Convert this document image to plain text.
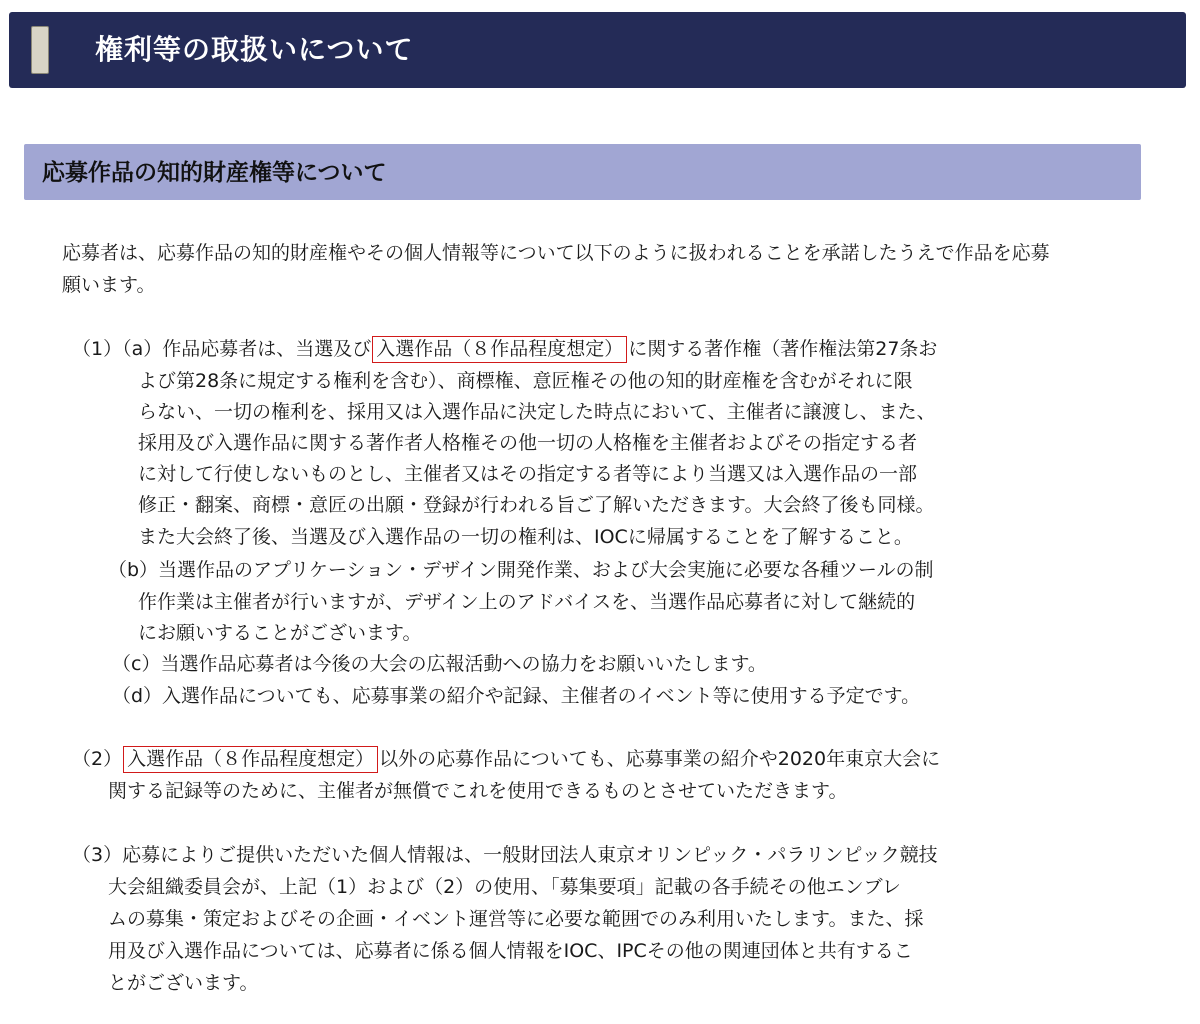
権利等の取扱いについて
応募作品の知的財産権等について
応募者は、応募作品の知的財産権やその個人情報等について以下のように扱われることを承諾したうえで作品を応募
願います。
（1）（a）作品応募者は、当選及び 入選作品（８作品程度想定） に関する著作権（著作権法第27条お
よび第28条に規定する権利を含む）、商標権、意匠権その他の知的財産権を含むがそれに限
らない、一切の権利を、採用又は入選作品に決定した時点において、主催者に譲渡し、また、
採用及び入選作品に関する著作者人格権その他一切の人格権を主催者およびその指定する者
に対して行使しないものとし、主催者又はその指定する者等により当選又は入選作品の一部
修正・翻案、商標・意匠の出願・登録が行われる旨ご了解いただきます。大会終了後も同様。
また大会終了後、当選及び入選作品の一切の権利は、IOCに帰属することを了解すること。
（b）当選作品のアプリケーション・デザイン開発作業、および大会実施に必要な各種ツールの制
作作業は主催者が行いますが、デザイン上のアドバイスを、当選作品応募者に対して継続的
にお願いすることがございます。
（c）当選作品応募者は今後の大会の広報活動への協力をお願いいたします。
（d）入選作品についても、応募事業の紹介や記録、主催者のイベント等に使用する予定です。
（2） 入選作品（８作品程度想定） 以外の応募作品についても、応募事業の紹介や2020年東京大会に
関する記録等のために、主催者が無償でこれを使用できるものとさせていただきます。
（3）応募によりご提供いただいた個人情報は、一般財団法人東京オリンピック・パラリンピック競技
大会組織委員会が、上記（1）および（2）の使用、「募集要項」記載の各手続その他エンブレ
ムの募集・策定およびその企画・イベント運営等に必要な範囲でのみ利用いたします。また、採
用及び入選作品については、応募者に係る個人情報をIOC、IPCその他の関連団体と共有するこ
とがございます。
